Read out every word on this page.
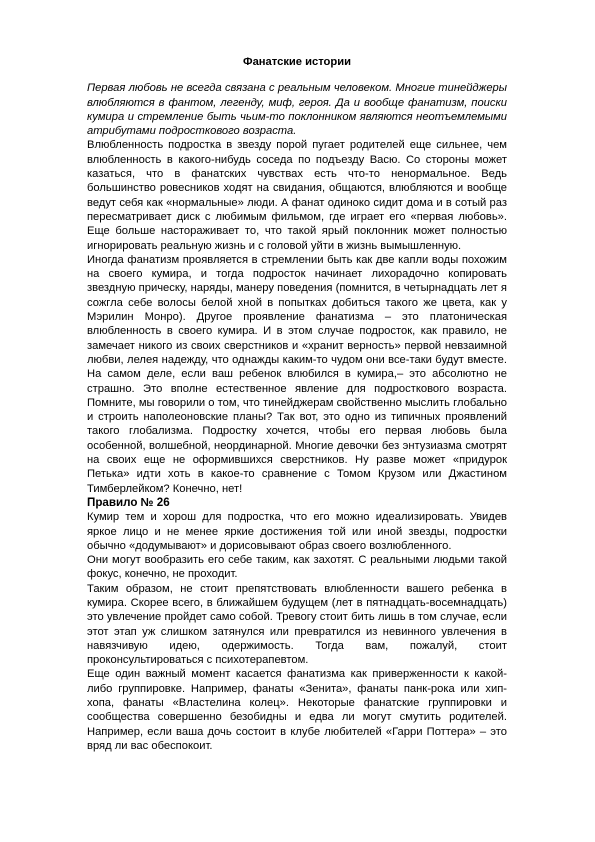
Фанатские истории

Первая любовь не всегда связана с реальным человеком. Многие тинейджеры влюбляются в фантом, легенду, миф, героя. Да и вообще фанатизм, поиски кумира и стремление быть чьим-то поклонником являются неотъемлемыми атрибутами подросткового возраста.

Влюбленность подростка в звезду порой пугает родителей еще сильнее, чем влюбленность в какого-нибудь соседа по подъезду Васю. Со стороны может казаться, что в фанатских чувствах есть что-то ненормальное. Ведь большинство ровесников ходят на свидания, общаются, влюбляются и вообще ведут себя как «нормальные» люди. А фанат одиноко сидит дома и в сотый раз пересматривает диск с любимым фильмом, где играет его «первая любовь». Еще больше настораживает то, что такой ярый поклонник может полностью игнорировать реальную жизнь и с головой уйти в жизнь вымышленную.

Иногда фанатизм проявляется в стремлении быть как две капли воды похожим на своего кумира, и тогда подросток начинает лихорадочно копировать звездную прическу, наряды, манеру поведения (помнится, в четырнадцать лет я сожгла себе волосы белой хной в попытках добиться такого же цвета, как у Мэрилин Монро). Другое проявление фанатизма – это платоническая влюбленность в своего кумира. И в этом случае подросток, как правило, не замечает никого из своих сверстников и «хранит верность» первой невзаимной любви, лелея надежду, что однажды каким-то чудом они все-таки будут вместе. На самом деле, если ваш ребенок влюбился в кумира,– это абсолютно не страшно. Это вполне естественное явление для подросткового возраста. Помните, мы говорили о том, что тинейджерам свойственно мыслить глобально и строить наполеоновские планы? Так вот, это одно из типичных проявлений такого глобализма. Подростку хочется, чтобы его первая любовь была особенной, волшебной, неординарной. Многие девочки без энтузиазма смотрят на своих еще не оформившихся сверстников. Ну разве может «придурок Петька» идти хоть в какое-то сравнение с Томом Крузом или Джастином Тимберлейком? Конечно, нет!

Правило № 26

Кумир тем и хорош для подростка, что его можно идеализировать. Увидев яркое лицо и не менее яркие достижения той или иной звезды, подростки обычно «додумывают» и дорисовывают образ своего возлюбленного.

Они могут вообразить его себе таким, как захотят. С реальными людьми такой фокус, конечно, не проходит.

Таким образом, не стоит препятствовать влюбленности вашего ребенка в кумира. Скорее всего, в ближайшем будущем (лет в пятнадцать-восемнадцать) это увлечение пройдет само собой. Тревогу стоит бить лишь в том случае, если этот этап уж слишком затянулся или превратился из невинного увлечения в навязчивую идею, одержимость. Тогда вам, пожалуй, стоит проконсультироваться с психотерапевтом.

Еще один важный момент касается фанатизма как приверженности к какой-либо группировке. Например, фанаты «Зенита», фанаты панк-рока или хип-хопа, фанаты «Властелина колец». Некоторые фанатские группировки и сообщества совершенно безобидны и едва ли могут смутить родителей. Например, если ваша дочь состоит в клубе любителей «Гарри Поттера» – это вряд ли вас обеспокоит.
